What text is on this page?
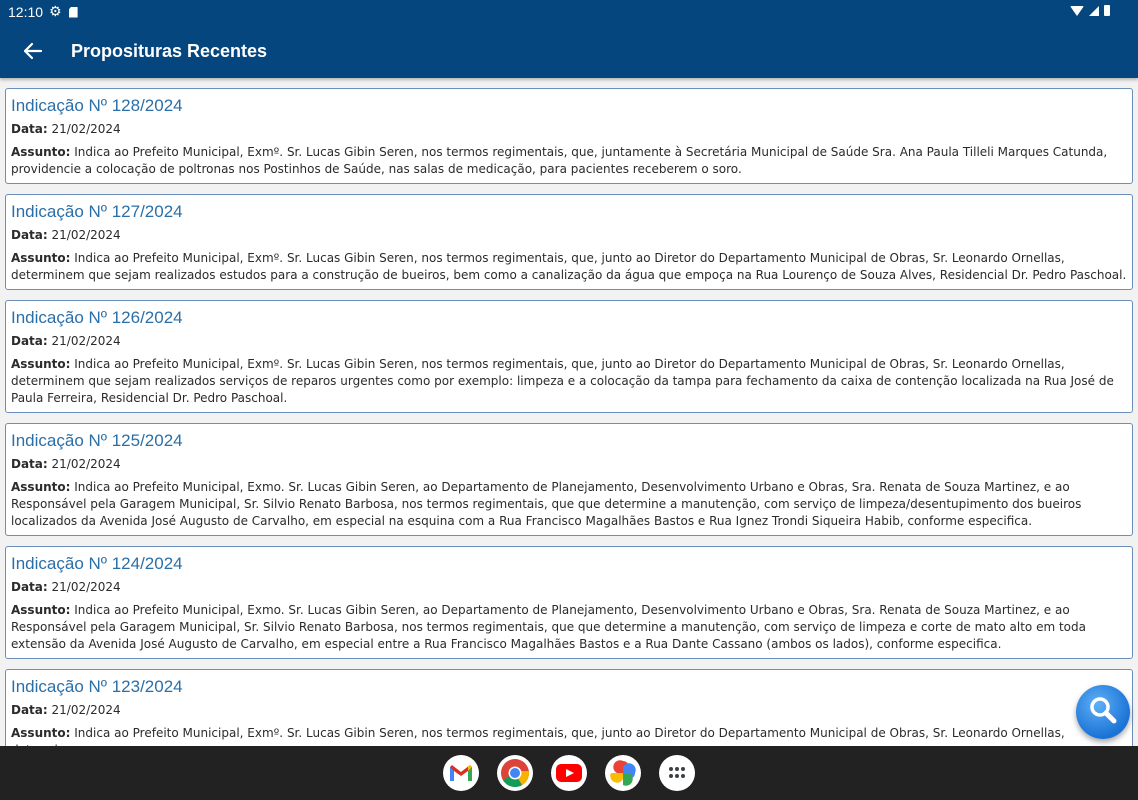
12:10 ⚙
Proposituras Recentes
Indicação Nº 128/2024
Data: 21/02/2024
Assunto: Indica ao Prefeito Municipal, Exmº. Sr. Lucas Gibin Seren, nos termos regimentais, que, juntamente à Secretária Municipal de Saúde Sra. Ana Paula Tilleli Marques Catunda, providencie a colocação de poltronas nos Postinhos de Saúde, nas salas de medicação, para pacientes receberem o soro.
Indicação Nº 127/2024
Data: 21/02/2024
Assunto: Indica ao Prefeito Municipal, Exmº. Sr. Lucas Gibin Seren, nos termos regimentais, que, junto ao Diretor do Departamento Municipal de Obras, Sr. Leonardo Ornellas, determinem que sejam realizados estudos para a construção de bueiros, bem como a canalização da água que empoça na Rua Lourenço de Souza Alves, Residencial Dr. Pedro Paschoal.
Indicação Nº 126/2024
Data: 21/02/2024
Assunto: Indica ao Prefeito Municipal, Exmº. Sr. Lucas Gibin Seren, nos termos regimentais, que, junto ao Diretor do Departamento Municipal de Obras, Sr. Leonardo Ornellas, determinem que sejam realizados serviços de reparos urgentes como por exemplo: limpeza e a colocação da tampa para fechamento da caixa de contenção localizada na Rua José de Paula Ferreira, Residencial Dr. Pedro Paschoal.
Indicação Nº 125/2024
Data: 21/02/2024
Assunto: Indica ao Prefeito Municipal, Exmo. Sr. Lucas Gibin Seren, ao Departamento de Planejamento, Desenvolvimento Urbano e Obras, Sra. Renata de Souza Martinez, e ao Responsável pela Garagem Municipal, Sr. Silvio Renato Barbosa, nos termos regimentais, que que determine a manutenção, com serviço de limpeza/desentupimento dos bueiros localizados da Avenida José Augusto de Carvalho, em especial na esquina com a Rua Francisco Magalhães Bastos e Rua Ignez Trondi Siqueira Habib, conforme especifica.
Indicação Nº 124/2024
Data: 21/02/2024
Assunto: Indica ao Prefeito Municipal, Exmo. Sr. Lucas Gibin Seren, ao Departamento de Planejamento, Desenvolvimento Urbano e Obras, Sra. Renata de Souza Martinez, e ao Responsável pela Garagem Municipal, Sr. Silvio Renato Barbosa, nos termos regimentais, que que determine a manutenção, com serviço de limpeza e corte de mato alto em toda extensão da Avenida José Augusto de Carvalho, em especial entre a Rua Francisco Magalhães Bastos e a Rua Dante Cassano (ambos os lados), conforme especifica.
Indicação Nº 123/2024
Data: 21/02/2024
Assunto: Indica ao Prefeito Municipal, Exmº. Sr. Lucas Gibin Seren, nos termos regimentais, que, junto ao Diretor do Departamento Municipal de Obras, Sr. Leonardo Ornellas,
